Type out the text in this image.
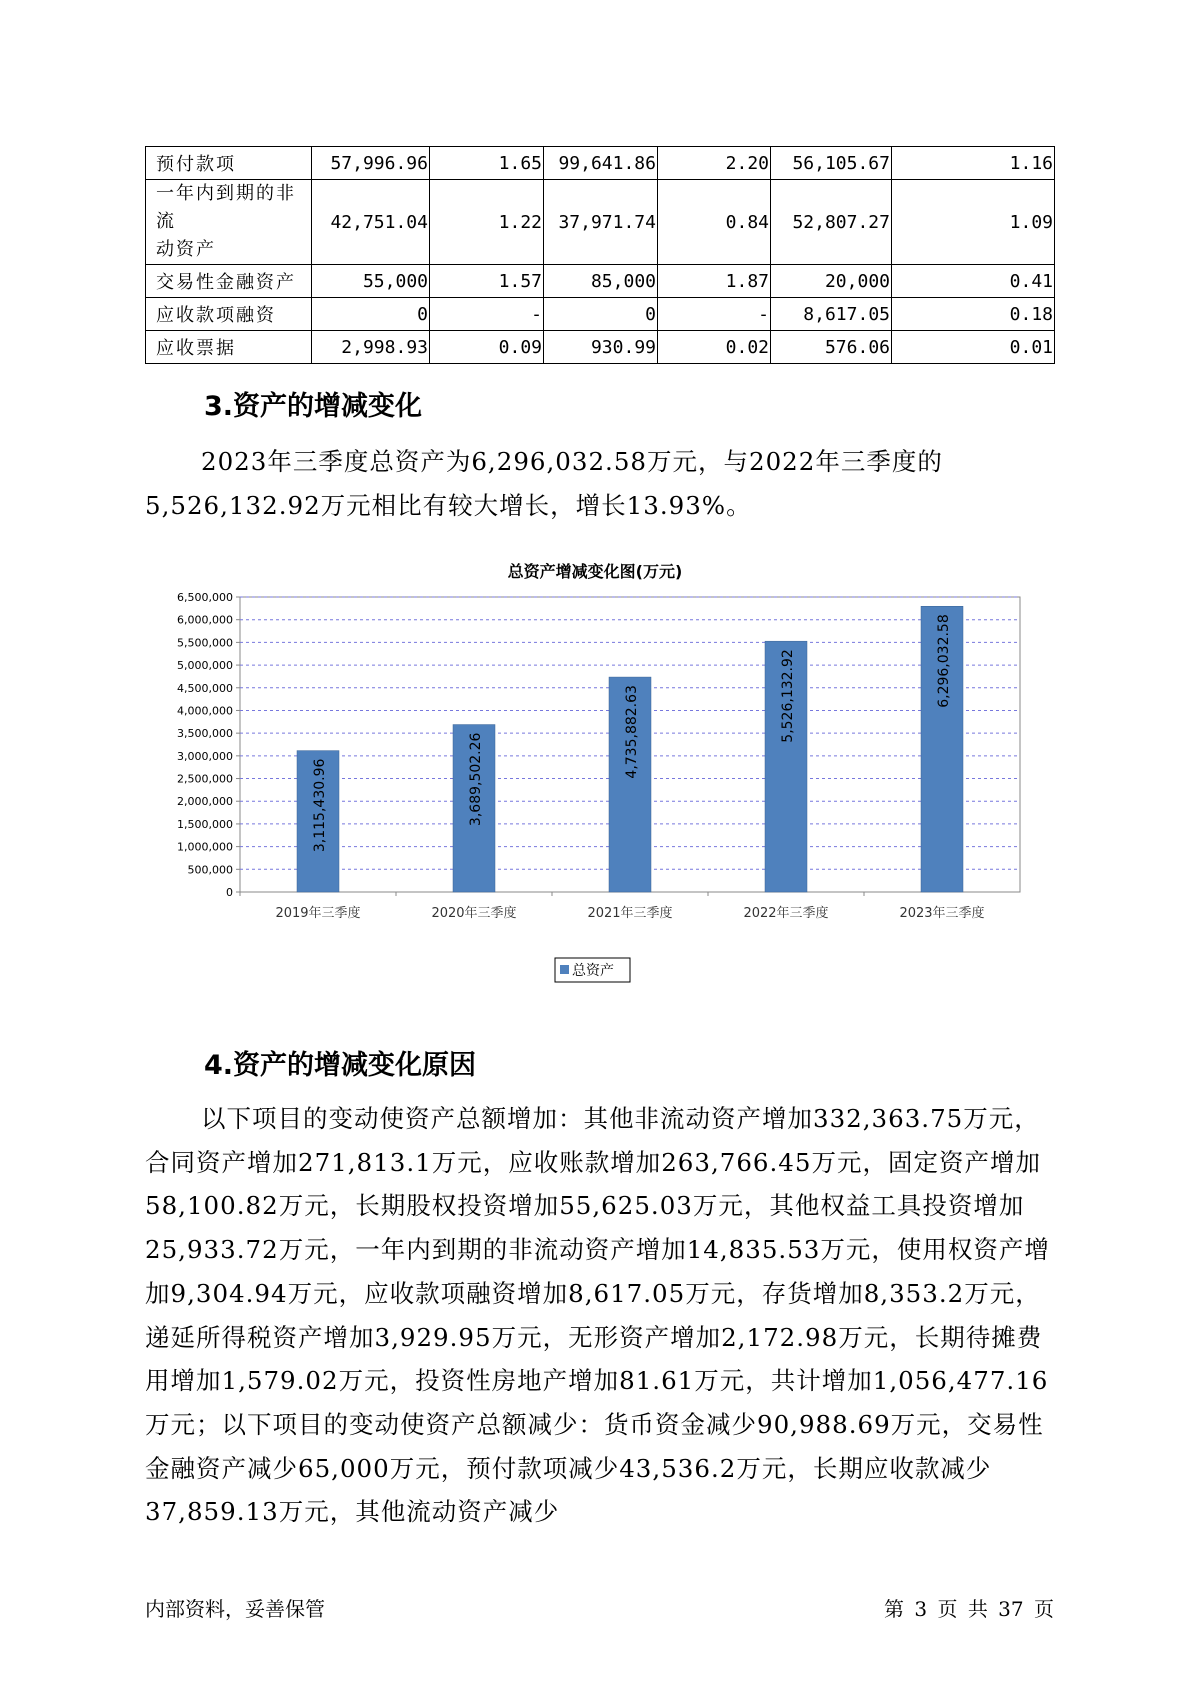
预付款项	57,996.96	1.65	99,641.86	2.20	56,105.67	1.16

一年内到期的非流
动资产	42,751.04	1.22	37,971.74	0.84	52,807.27	1.09
交易性金融资产	55,000	1.57	85,000	1.87	20,000	0.41
应收款项融资	0	-	0	-	8,617.05	0.18
应收票据	2,998.93	0.09	930.99	0.02	576.06	0.01
3.资产的增减变化

2023年三季度总资产为6,296,032.58万元，与2022年三季度的5,526,132.92万元相比有较大增长，增长13.93%。

总资产增减变化图(万元)
0
500,000
1,000,000
1,500,000
2,000,000
2,500,000
3,000,000
3,500,000
4,000,000
4,500,000
5,000,000
5,500,000
6,000,000
6,500,000
3,115,430.96	3,689,502.26
4,735,882.63	5,526,132.92	6,296,032.58
2019年三季度	2020年三季度	2021年三季度	2022年三季度	2023年三季度
总资产
4.资产的增减变化原因

以下项目的变动使资产总额增加：其他非流动资产增加332,363.75万元，合同资产增加271,813.1万元，应收账款增加263,766.45万元，固定资产增加58,100.82万元，长期股权投资增加55,625.03万元，其他权益工具投资增加25,933.72万元，一年内到期的非流动资产增加14,835.53万元，使用权资产增加9,304.94万元，应收款项融资增加8,617.05万元，存货增加8,353.2万元，递延所得税资产增加3,929.95万元，无形资产增加2,172.98万元，长期待摊费用增加1,579.02万元，投资性房地产增加81.61万元，共计增加1,056,477.16万元；以下项目的变动使资产总额减少：货币资金减少90,988.69万元，交易性金融资产减少65,000万元，预付款项减少43,536.2万元，长期应收款减少37,859.13万元，其他流动资产减少

内部资料，妥善保管	第 3 页 共 37 页
